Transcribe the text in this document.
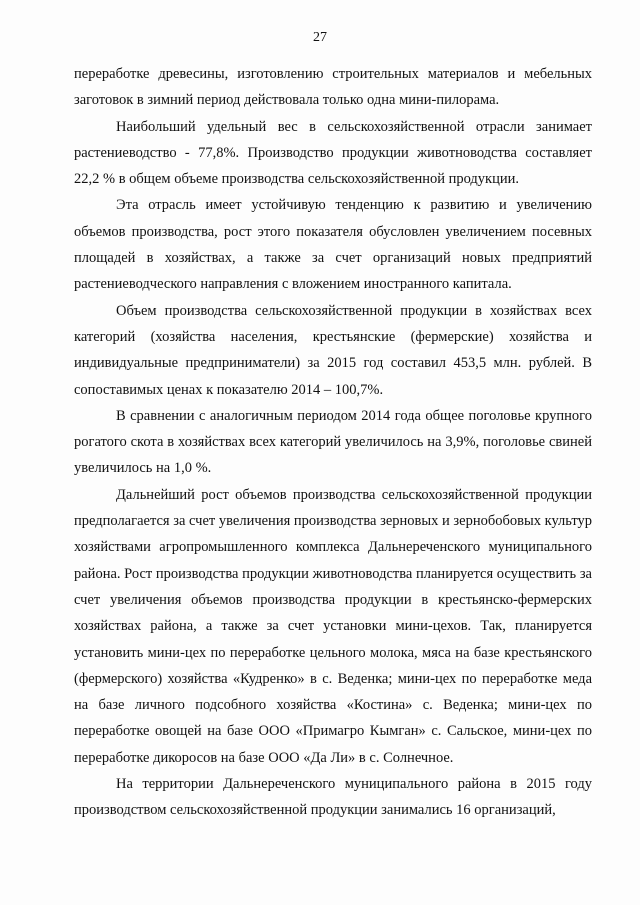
27

переработке древесины, изготовлению строительных материалов и мебельных заготовок в зимний период действовала только одна мини-пилорама.

Наибольший удельный вес в сельскохозяйственной отрасли занимает растениеводство - 77,8%. Производство продукции животноводства составляет 22,2 % в общем объеме производства сельскохозяйственной продукции.

Эта отрасль имеет устойчивую тенденцию к развитию и увеличению объемов производства, рост этого показателя обусловлен увеличением посевных площадей в хозяйствах, а также за счет организаций новых предприятий растениеводческого направления с вложением иностранного капитала.

Объем производства сельскохозяйственной продукции в хозяйствах всех категорий (хозяйства населения, крестьянские (фермерские) хозяйства и индивидуальные предприниматели) за 2015 год составил 453,5 млн. рублей. В сопоставимых ценах к показателю 2014 – 100,7%.

В сравнении с аналогичным периодом 2014 года общее поголовье крупного рогатого скота в хозяйствах всех категорий увеличилось на 3,9%, поголовье свиней увеличилось на 1,0 %.

Дальнейший рост объемов производства сельскохозяйственной продукции предполагается за счет увеличения производства зерновых и зернобобовых культур хозяйствами агропромышленного комплекса Дальнереченского муниципального района. Рост производства продукции животноводства планируется осуществить за счет увеличения объемов производства продукции в крестьянско-фермерских хозяйствах района, а также за счет установки мини-цехов. Так, планируется установить мини-цех по переработке цельного молока, мяса на базе крестьянского (фермерского) хозяйства «Кудренко» в с. Веденка; мини-цех по переработке меда на базе личного подсобного хозяйства «Костина» с. Веденка; мини-цех по переработке овощей на базе ООО «Примагро Кымган» с. Сальское, мини-цех по переработке дикоросов на базе ООО «Да Ли» в с. Солнечное.

На территории Дальнереченского муниципального района в 2015 году производством сельскохозяйственной продукции занимались 16 организаций,
